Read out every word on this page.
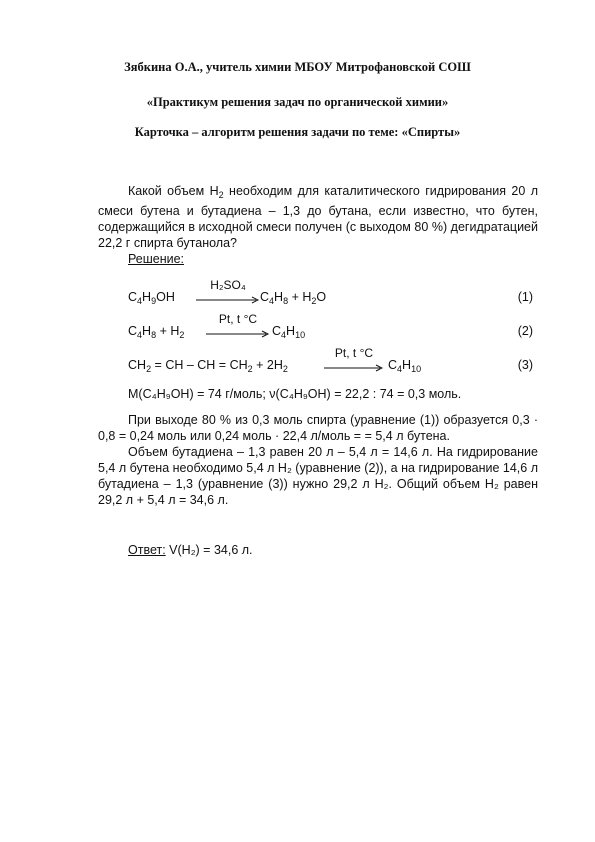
Зябкина О.А., учитель химии МБОУ Митрофановской СОШ
«Практикум решения задач по органической химии»
Карточка – алгоритм решения задачи по теме: «Спирты»
Какой объем $H_2$ необходим для каталитического гидрирования 20 л смеси бутена и бутадиена – 1,3 до бутана, если известно, что бутен, содержащийся в исходной смеси получен (с выходом 80 %) дегидратацией 22,2 г спирта бутанола?
Решение:
$C_4H_9OH$
H₂SO₄
$C_4H_8 + H_2O$	(1)
$C_4H_8 + H_2$
Pt, t °C
$C_4H_{10}$	(2)
$CH_2$ = CH – CH = $CH_2 + 2H_2$
Pt, t °C
$C_4H_{10}$	(3)
M(C₄H₉OH) = 74 г/моль; ν(C₄H₉OH) = 22,2 : 74 = 0,3 моль.

При выходе 80 % из 0,3 моль спирта (уравнение (1)) образуется 0,3 · 0,8 = 0,24 моль или 0,24 моль · 22,4 л/моль = = 5,4 л бутена.

Объем бутадиена – 1,3 равен 20 л – 5,4 л = 14,6 л. На гидрирование 5,4 л бутена необходимо 5,4 л H₂ (уравнение (2)), а на гидрирование 14,6 л бутадиена – 1,3 (уравнение (3)) нужно 29,2 л H₂. Общий объем H₂ равен 29,2 л + 5,4 л = 34,6 л.

Ответ: V(H₂) = 34,6 л.
